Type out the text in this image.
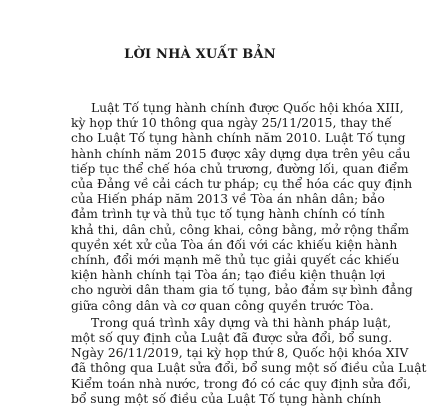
LỜI NHÀ XUẤT BẢN
Luật Tố tụng hành chính được Quốc hội khóa XIII,
kỳ họp thứ 10 thông qua ngày 25/11/2015, thay thế
cho Luật Tố tụng hành chính năm 2010. Luật Tố tụng
hành chính năm 2015 được xây dựng dựa trên yêu cầu
tiếp tục thể chế hóa chủ trương, đường lối, quan điểm
của Đảng về cải cách tư pháp; cụ thể hóa các quy định
của Hiến pháp năm 2013 về Tòa án nhân dân; bảo
đảm trình tự và thủ tục tố tụng hành chính có tính
khả thi, dân chủ, công khai, công bằng, mở rộng thẩm
quyền xét xử của Tòa án đối với các khiếu kiện hành
chính, đổi mới mạnh mẽ thủ tục giải quyết các khiếu
kiện hành chính tại Tòa án; tạo điều kiện thuận lợi
cho người dân tham gia tố tụng, bảo đảm sự bình đẳng
giữa công dân và cơ quan công quyền trước Tòa.
Trong quá trình xây dựng và thi hành pháp luật,
một số quy định của Luật đã được sửa đổi, bổ sung.
Ngày 26/11/2019, tại kỳ họp thứ 8, Quốc hội khóa XIV
đã thông qua Luật sửa đổi, bổ sung một số điều của Luật
Kiểm toán nhà nước, trong đó có các quy định sửa đổi,
bổ sung một số điều của Luật Tố tụng hành chính
